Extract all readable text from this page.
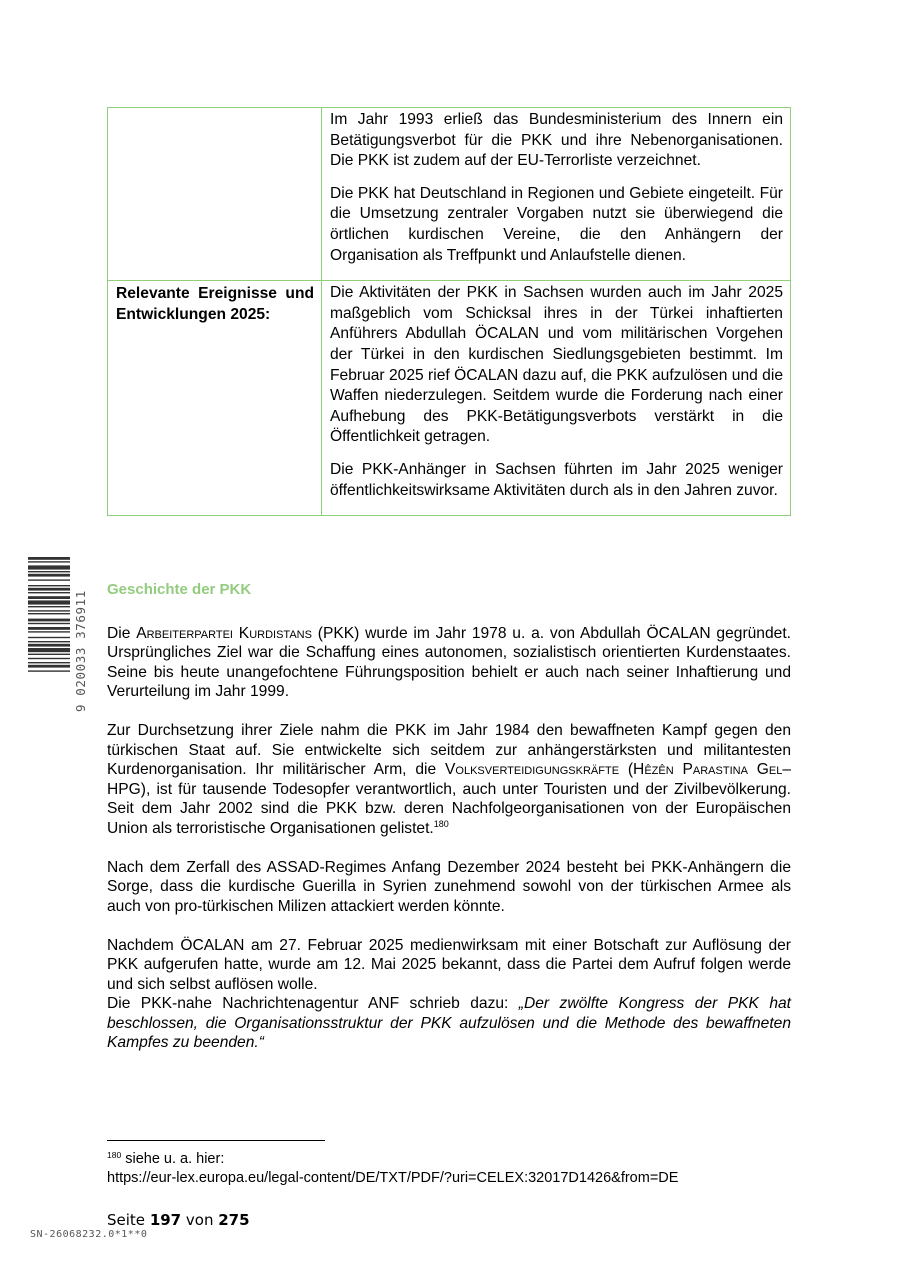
	Im Jahr 1993 erließ das Bundesministerium des Innern ein Betätigungsverbot für die PKK und ihre Nebenorganisationen. Die PKK ist zudem auf der EU-Terrorliste verzeichnet.

Die PKK hat Deutschland in Regionen und Gebiete eingeteilt. Für die Umsetzung zentraler Vorgaben nutzt sie überwiegend die örtlichen kurdischen Vereine, die den Anhängern der Organisation als Treffpunkt und Anlaufstelle dienen.

Relevante Ereignisse und Entwicklungen 2025:	Die Aktivitäten der PKK in Sachsen wurden auch im Jahr 2025 maßgeblich vom Schicksal ihres in der Türkei inhaftierten Anführers Abdullah ÖCALAN und vom militärischen Vorgehen der Türkei in den kurdischen Siedlungsgebieten bestimmt. Im Februar 2025 rief ÖCALAN dazu auf, die PKK aufzulösen und die Waffen niederzulegen. Seitdem wurde die Forderung nach einer Aufhebung des PKK-Betätigungsverbots verstärkt in die Öffentlichkeit getragen.

Die PKK-Anhänger in Sachsen führten im Jahr 2025 weniger öffentlichkeitswirksame Aktivitäten durch als in den Jahren zuvor.

9 020033 376911
Geschichte der PKK

Die Arbeiterpartei Kurdistans (PKK) wurde im Jahr 1978 u. a. von Abdullah ÖCALAN gegründet. Ursprüngliches Ziel war die Schaffung eines autonomen, sozialistisch orientierten Kurdenstaates. Seine bis heute unangefochtene Führungsposition behielt er auch nach seiner Inhaftierung und Verurteilung im Jahr 1999.

Zur Durchsetzung ihrer Ziele nahm die PKK im Jahr 1984 den bewaffneten Kampf gegen den türkischen Staat auf. Sie entwickelte sich seitdem zur anhängerstärksten und militantesten Kurdenorganisation. Ihr militärischer Arm, die Volksverteidigungskräfte (Hêzên Parastina Gel–HPG), ist für tausende Todesopfer verantwortlich, auch unter Touristen und der Zivilbevölkerung. Seit dem Jahr 2002 sind die PKK bzw. deren Nachfolgeorganisationen von der Europäischen Union als terroristische Organisationen gelistet.$^{180}$

Nach dem Zerfall des ASSAD-Regimes Anfang Dezember 2024 besteht bei PKK-Anhängern die Sorge, dass die kurdische Guerilla in Syrien zunehmend sowohl von der türkischen Armee als auch von pro-türkischen Milizen attackiert werden könnte.

Nachdem ÖCALAN am 27. Februar 2025 medienwirksam mit einer Botschaft zur Auflösung der PKK aufgerufen hatte, wurde am 12. Mai 2025 bekannt, dass die Partei dem Aufruf folgen werde und sich selbst auflösen wolle.

Die PKK-nahe Nachrichtenagentur ANF schrieb dazu: „Der zwölfte Kongress der PKK hat beschlossen, die Organisationsstruktur der PKK aufzulösen und die Methode des bewaffneten Kampfes zu beenden.“

$^{180}$ siehe u. a. hier:
https://eur-lex.europa.eu/legal-content/DE/TXT/PDF/?uri=CELEX:32017D1426&from=DE
Seite 197 von 275
SN-26068232.0*1**0
